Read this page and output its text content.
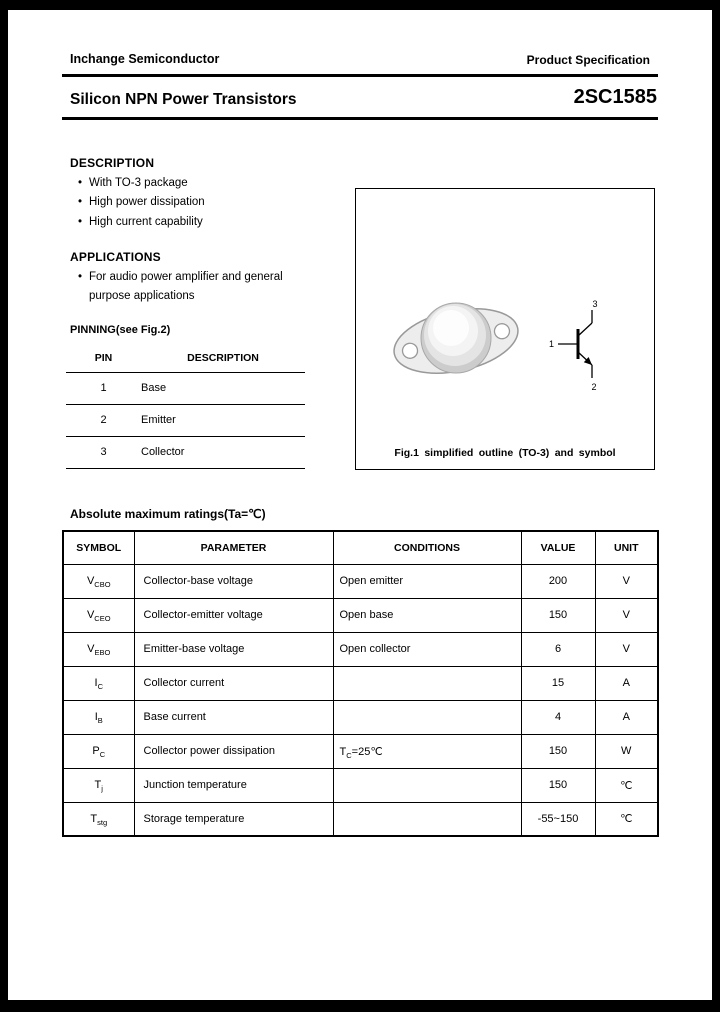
Inchange Semiconductor	Product Specification
Silicon NPN Power Transistors	2SC1585
DESCRIPTION
• With TO-3 package
• High power dissipation
• High current capability
APPLICATIONS
• For audio power amplifier and general purpose applications
PINNING(see Fig.2)
PIN	DESCRIPTION
1	Base
2	Emitter
3	Collector
3
1
2
Fig.1 simplified outline (TO-3) and symbol
Absolute maximum ratings(Ta=℃)
SYMBOL	PARAMETER	CONDITIONS	VALUE	UNIT
$V_{CBO}$	Collector-base voltage	Open emitter	200	V
$V_{CEO}$	Collector-emitter voltage	Open base	150	V
$V_{EBO}$	Emitter-base voltage	Open collector	6	V
$I_C$	Collector current		15	A
$I_B$	Base current		4	A
$P_C$	Collector power dissipation	$T_C=25℃$	150	W
$T_j$	Junction temperature		150	℃
$T_{stg}$	Storage temperature		-55~150	℃
